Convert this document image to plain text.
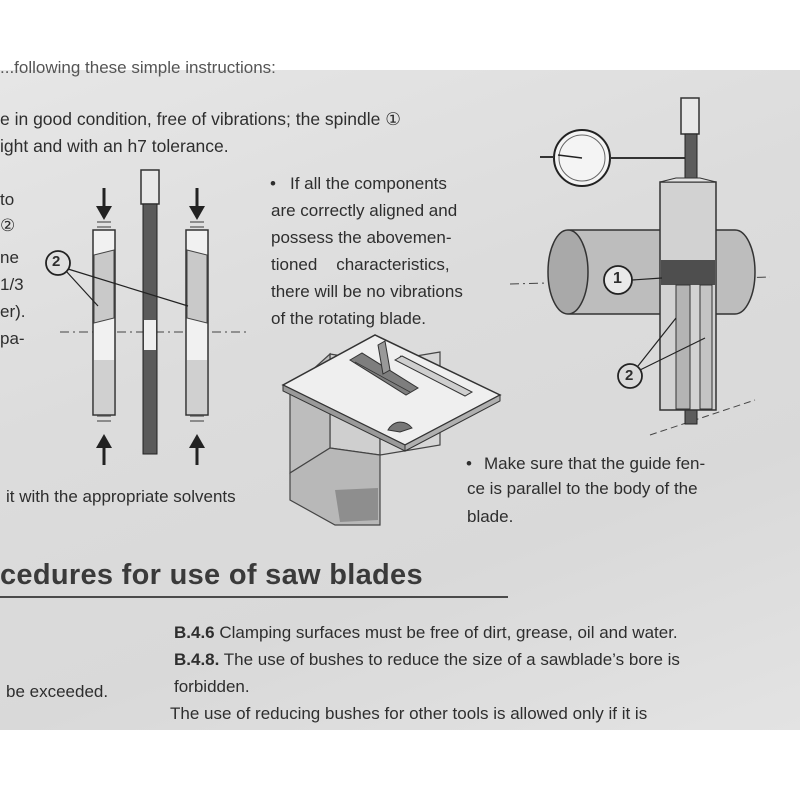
...following these simple instructions:
e in good condition, free of vibrations; the spindle ①
ight and with an h7 tolerance.
to
②
ne
1/3
er).
pa-
• If all the components
are correctly aligned and
possess the abovemen-
tioned    characteristics,
there will be no vibrations
of the rotating blade.
• Make sure that the guide fen-
ce is parallel to the body of the
blade.
it with the appropriate solvents
2
1
2
cedures for use of saw blades
B.4.6 Clamping surfaces must be free of dirt, grease, oil and water.
B.4.8. The use of bushes to reduce the size of a sawblade’s bore is
forbidden.
be exceeded.
The use of reducing bushes for other tools is allowed only if it is
